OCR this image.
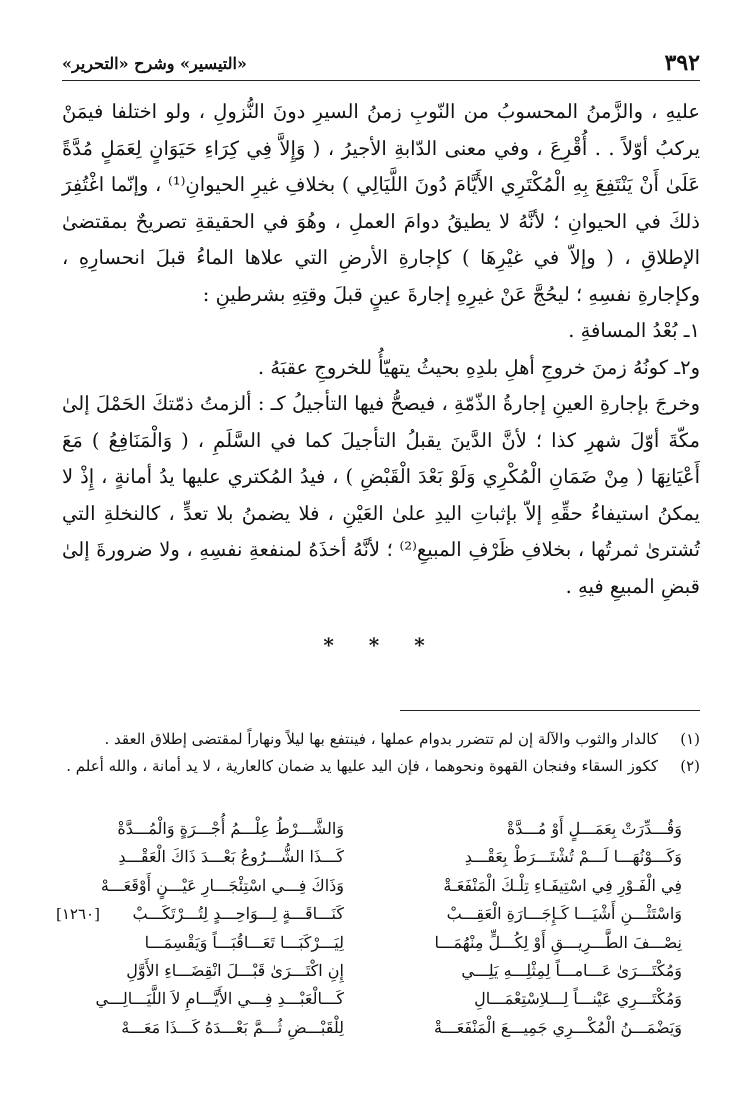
٣٩٢
«التيسير» وشرح «التحرير»

عليهِ ، والزَّمنُ المحسوبُ من النّوبِ زمنُ السيرِ دونَ النُّزولِ ، ولو اختلفا فيمَنْ يركبُ أوّلاً . . أُقْرِعَ ، وفي معنى الدّابةِ الأجيرُ ، ( وَإِلاَّ فِي كِرَاءِ حَيَوَانٍ لِعَمَلٍ مُدَّةً عَلَىٰ أَنْ يَنْتَفِعَ بِهِ الْمُكْتَرِي الأَيَّامَ دُونَ اللَّيَالِي ) بخلافِ غيرِ الحيوانِ⁽¹⁾ ، وإنّما اغْتُفِرَ ذلكَ في الحيوانِ ؛ لأنَّهُ لا يطيقُ دوامَ العملِ ، وهُوَ في الحقيقةِ تصريحٌ بمقتضىٰ الإطلاقِ ، ( وإلاّ في غيْرِهَا ) كإجارةِ الأرضِ التي علاها الماءُ قبلَ انحسارِهِ ، وكإجارةِ نفسِهِ ؛ ليحُجَّ عَنْ غيرِهِ إجارةَ عينٍ قبلَ وقتِهِ بشرطينِ :

١ـ بُعْدُ المسافةِ .

و٢ـ كونُهُ زمنَ خروجِ أهلِ بلدِهِ بحيثُ يتهيّأُ للخروجِ عقبَهُ .

وخرجَ بإجارةِ العينِ إجارةُ الذّمّةِ ، فيصحُّ فيها التأجيلُ كـ : ألزمتُ ذمّتكَ الحَمْلَ إلىٰ مكّةَ أوّلَ شهرِ كذا ؛ لأنَّ الدَّينَ يقبلُ التأجيلَ كما في السَّلَمِ ، ( وَالْمَنَافِعُ ) مَعَ أَعْيَانِهَا ( مِنْ ضَمَانِ الْمُكْرِي وَلَوْ بَعْدَ الْقَبْضِ ) ، فيدُ المُكتري عليها يدُ أمانةٍ ، إِذْ لا يمكنُ استيفاءُ حقِّهِ إلاّ بإثباتِ اليدِ علىٰ العَيْنِ ، فلا يضمنُ بلا تعدٍّ ، كالنخلةِ التي تُشترىٰ ثمرتُها ، بخلافِ ظَرْفِ المبيعِ⁽²⁾ ؛ لأنَّهُ أخذَهُ لمنفعةِ نفسِهِ ، ولا ضرورةَ إلىٰ قبضِ المبيعِ فيهِ .

* * *
(١)
كالدار والثوب والآلة إن لم تتضرر بدوام عملها ، فينتفع بها ليلاً ونهاراً لمقتضى إطلاق العقد .
(٢)
ككوز السقاء وفنجان القهوة ونحوهما ، فإن اليد عليها يد ضمان كالعارية ، لا يد أمانة ، والله أعلم .
وَقُـــدِّرَتْ بِعَمَـــلٍ أَوْ مُـــدَّةْ
وَالشَّـــرْطُ عِلْـــمُ أُجْـــرَةٍ وَالْمُـــدَّةْ
وَكَـــوْنُهَـــا لَـــمْ تُشْتَـــرَطْ بِعَقْـــدِ
كَـــذَا الشُّـــرُوعُ بَعْـــدَ ذَاكَ الْعَقْـــدِ
فِي الْفَـوْرِ فِي اسْتِيفَـاءِ تِلْـكَ الْمَنْفَعَـةْ
وَذَاكَ فِـــي اسْتِئْجَـــارِ عَيْـــنٍ أَوْقَعَـــهْ
وَاسْتَثْـــنِ أَشْيَـــا كَـإِجَـــارَةِ الْعَقِـــبْ
كَنَـــاقَـــةٍ لِـــوَاحِـــدٍ لِتُـــرْتَكَـــبْ
[١٢٦٠]
نِصْـــفَ الطَّـــرِيـــقِ أَوْ لِكُـــلٍّ مِنْهُمَـــا
لِيَـــرْكَبَـــا تَعَـــاقُبَـــاً وَيَقْسِمَـــا
وَمُكْتَـــرَىٰ عَـــامـــاً لِمِثْلِـــهِ يَلِـــي
إِنِ اكْتَـــرَىٰ قَبْـــلَ انْقِضَـــاءِ الأَوَّلِ
وَمُكْتَـــرِي عَيْنـــاً لِـــلاِسْتِعْمَـــالِ
كَـــالْعَبْـــدِ فِـــي الأَيَّـــامِ لاَ اللَّيَـــالِـــي
وَيَضْمَـــنُ الْمُكْـــرِي جَمِيـــعَ الْمَنْفَعَـــةْ
لِلْقَبْـــضِ ثُـــمَّ بَعْـــدَهُ كَـــذَا مَعَـــهْ
